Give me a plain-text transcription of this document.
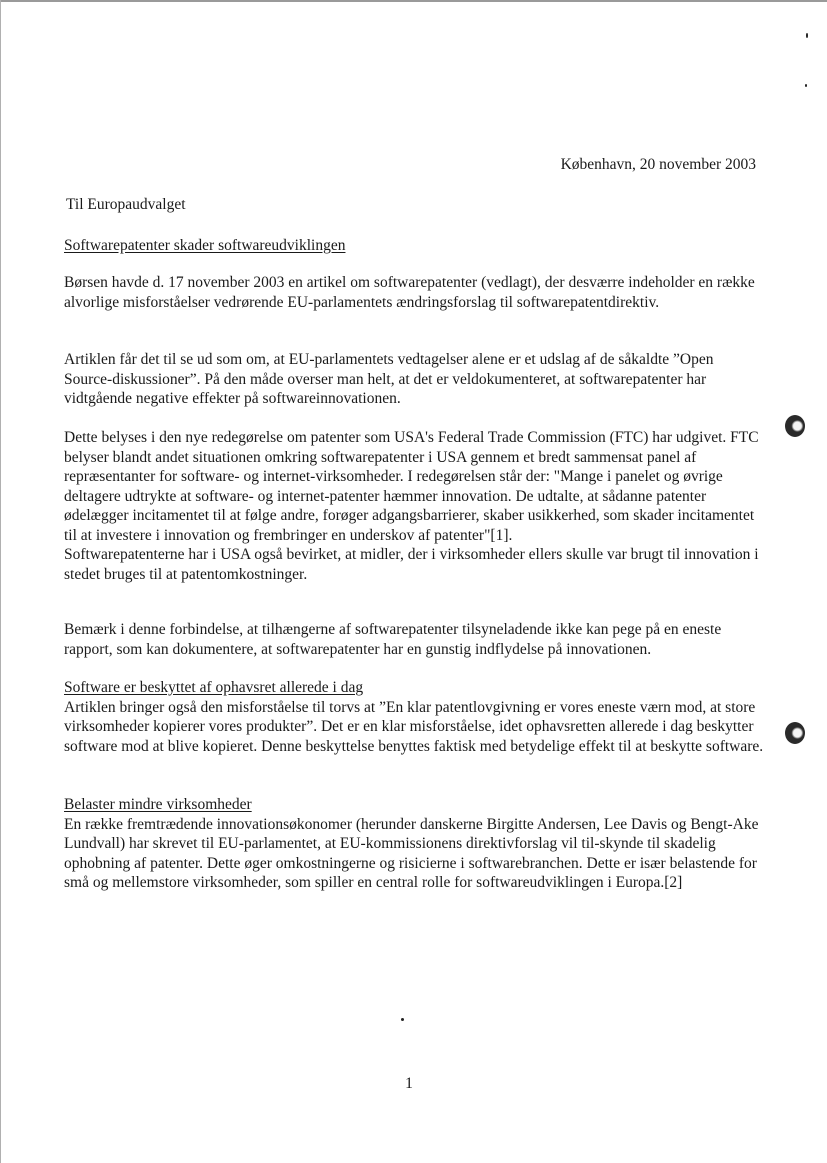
København, 20 november 2003
Til Europaudvalget

Softwarepatenter skader softwareudviklingen

Børsen havde d. 17 november 2003 en artikel om softwarepatenter (vedlagt), der desværre indeholder en række alvorlige misforståelser vedrørende EU-parlamentets ændringsforslag til softwarepatentdirektiv.

Artiklen får det til se ud som om, at EU-parlamentets vedtagelser alene er et udslag af de såkaldte ”Open Source-diskussioner”. På den måde overser man helt, at det er veldokumenteret, at softwarepatenter har vidtgående negative effekter på softwareinnovationen.

Dette belyses i den nye redegørelse om patenter som USA's Federal Trade Commission (FTC) har udgivet. FTC belyser blandt andet situationen omkring softwarepatenter i USA gennem et bredt sammensat panel af repræsentanter for software- og internet-virksomheder. I redegørelsen står der: "Mange i panelet og øvrige deltagere udtrykte at software- og internet-patenter hæmmer innovation. De udtalte, at sådanne patenter ødelægger incitamentet til at følge andre, forøger adgangsbarrierer, skaber usikkerhed, som skader incitamentet til at investere i innovation og frembringer en underskov af patenter"[1].

Softwarepatenterne har i USA også bevirket, at midler, der i virksomheder ellers skulle var brugt til innovation i stedet bruges til at patentomkostninger.

Bemærk i denne forbindelse, at tilhængerne af softwarepatenter tilsyneladende ikke kan pege på en eneste rapport, som kan dokumentere, at softwarepatenter har en gunstig indflydelse på innovationen.

Software er beskyttet af ophavsret allerede i dag

Artiklen bringer også den misforståelse til torvs at ”En klar patentlovgivning er vores eneste værn mod, at store virksomheder kopierer vores produkter”. Det er en klar misforståelse, idet ophavsretten allerede i dag beskytter software mod at blive kopieret. Denne beskyttelse benyttes faktisk med betydelige effekt til at beskytte software.

Belaster mindre virksomheder

En række fremtrædende innovationsøkonomer (herunder danskerne Birgitte Andersen, Lee Davis og Bengt-Ake Lundvall) har skrevet til EU-parlamentet, at EU-kommissionens direktivforslag vil til-skynde til skadelig ophobning af patenter. Dette øger omkostningerne og risicierne i softwarebranchen. Dette er især belastende for små og mellemstore virksomheder, som spiller en central rolle for softwareudviklingen i Europa.[2]

1
